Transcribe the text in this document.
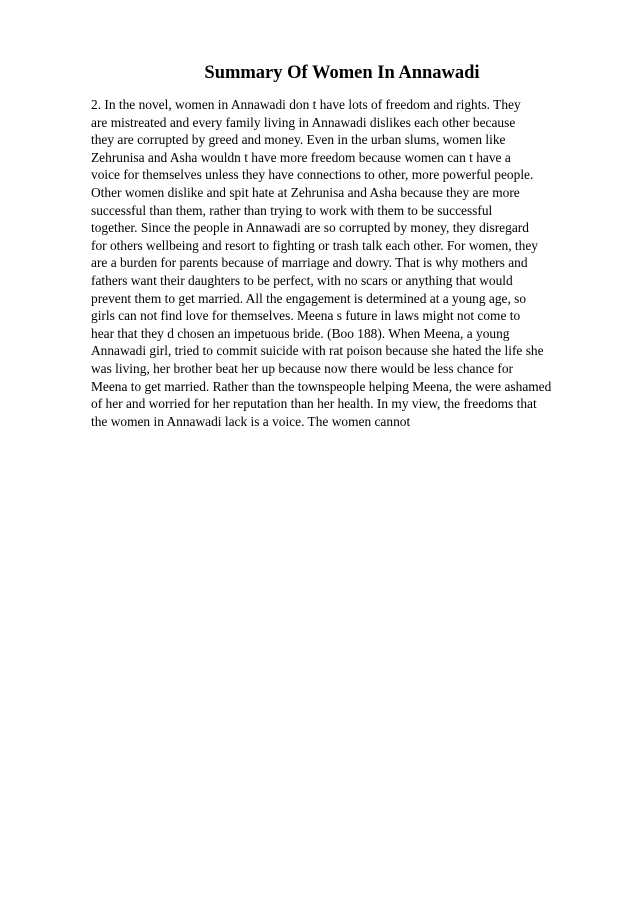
Summary Of Women In Annawadi
2. In the novel, women in Annawadi don t have lots of freedom and rights. They
are mistreated and every family living in Annawadi dislikes each other because
they are corrupted by greed and money. Even in the urban slums, women like
Zehrunisa and Asha wouldn t have more freedom because women can t have a
voice for themselves unless they have connections to other, more powerful people.
Other women dislike and spit hate at Zehrunisa and Asha because they are more
successful than them, rather than trying to work with them to be successful
together. Since the people in Annawadi are so corrupted by money, they disregard
for others wellbeing and resort to fighting or trash talk each other. For women, they
are a burden for parents because of marriage and dowry. That is why mothers and
fathers want their daughters to be perfect, with no scars or anything that would
prevent them to get married. All the engagement is determined at a young age, so
girls can not find love for themselves. Meena s future in laws might not come to
hear that they d chosen an impetuous bride. (Boo 188). When Meena, a young
Annawadi girl, tried to commit suicide with rat poison because she hated the life she
was living, her brother beat her up because now there would be less chance for
Meena to get married. Rather than the townspeople helping Meena, the were ashamed
of her and worried for her reputation than her health. In my view, the freedoms that
the women in Annawadi lack is a voice. The women cannot
